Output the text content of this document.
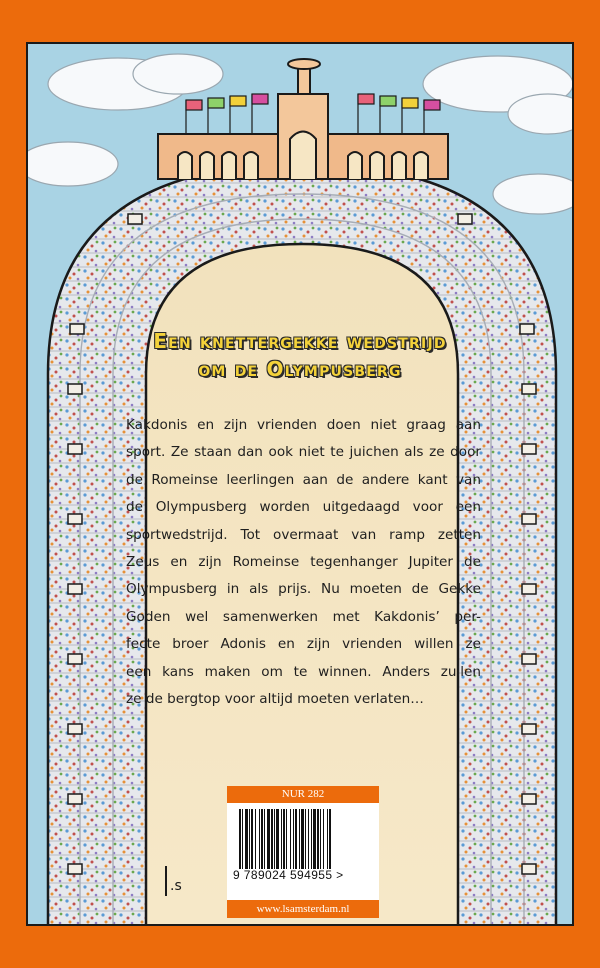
Een knettergekke wedstrijd
om de Olympusberg
Kakdonis en zijn vrienden doen niet graag aan
sport. Ze staan dan ook niet te juichen als ze door
de Romeinse leerlingen aan de andere kant van
de Olympusberg worden uitgedaagd voor een
sportwedstrijd. Tot overmaat van ramp zetten
Zeus en zijn Romeinse tegenhanger Jupiter de
Olympusberg in als prijs. Nu moeten de Gekke
Goden wel samenwerken met Kakdonis’ per-
fecte broer Adonis en zijn vrienden willen ze
een kans maken om te winnen. Anders zullen
ze de bergtop voor altijd moeten verlaten…
.s
NUR 282
9 789024 594955 >
www.lsamsterdam.nl
